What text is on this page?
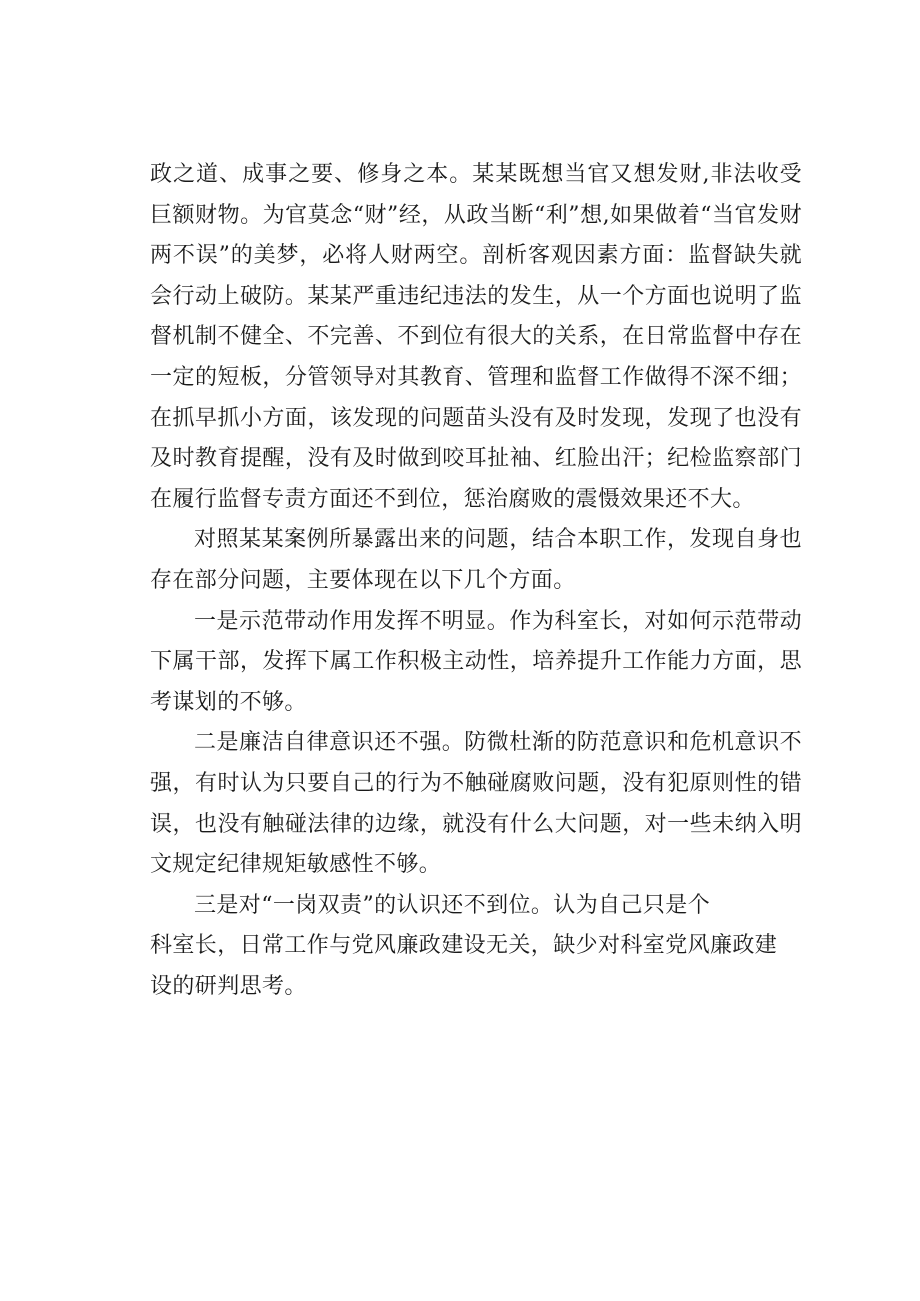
政之道、成事之要、修身之本。某某既想当官又想发财,非法收受巨额财物。为官莫念“财”经，从政当断“利”想,如果做着“当官发财两不误”的美梦，必将人财两空。剖析客观因素方面：监督缺失就会行动上破防。某某严重违纪违法的发生，从一个方面也说明了监督机制不健全、不完善、不到位有很大的关系，在日常监督中存在一定的短板，分管领导对其教育、管理和监督工作做得不深不细；在抓早抓小方面，该发现的问题苗头没有及时发现，发现了也没有及时教育提醒，没有及时做到咬耳扯袖、红脸出汗；纪检监察部门在履行监督专责方面还不到位，惩治腐败的震慑效果还不大。

对照某某案例所暴露出来的问题，结合本职工作，发现自身也存在部分问题，主要体现在以下几个方面。

一是示范带动作用发挥不明显。作为科室长，对如何示范带动下属干部，发挥下属工作积极主动性，培养提升工作能力方面，思考谋划的不够。

二是廉洁自律意识还不强。防微杜渐的防范意识和危机意识不强，有时认为只要自己的行为不触碰腐败问题，没有犯原则性的错误，也没有触碰法律的边缘，就没有什么大问题，对一些未纳入明文规定纪律规矩敏感性不够。

三是对“一岗双责”的认识还不到位。认为自己只是个
科室长，日常工作与党风廉政建设无关，缺少对科室党风廉政建
设的研判思考。
